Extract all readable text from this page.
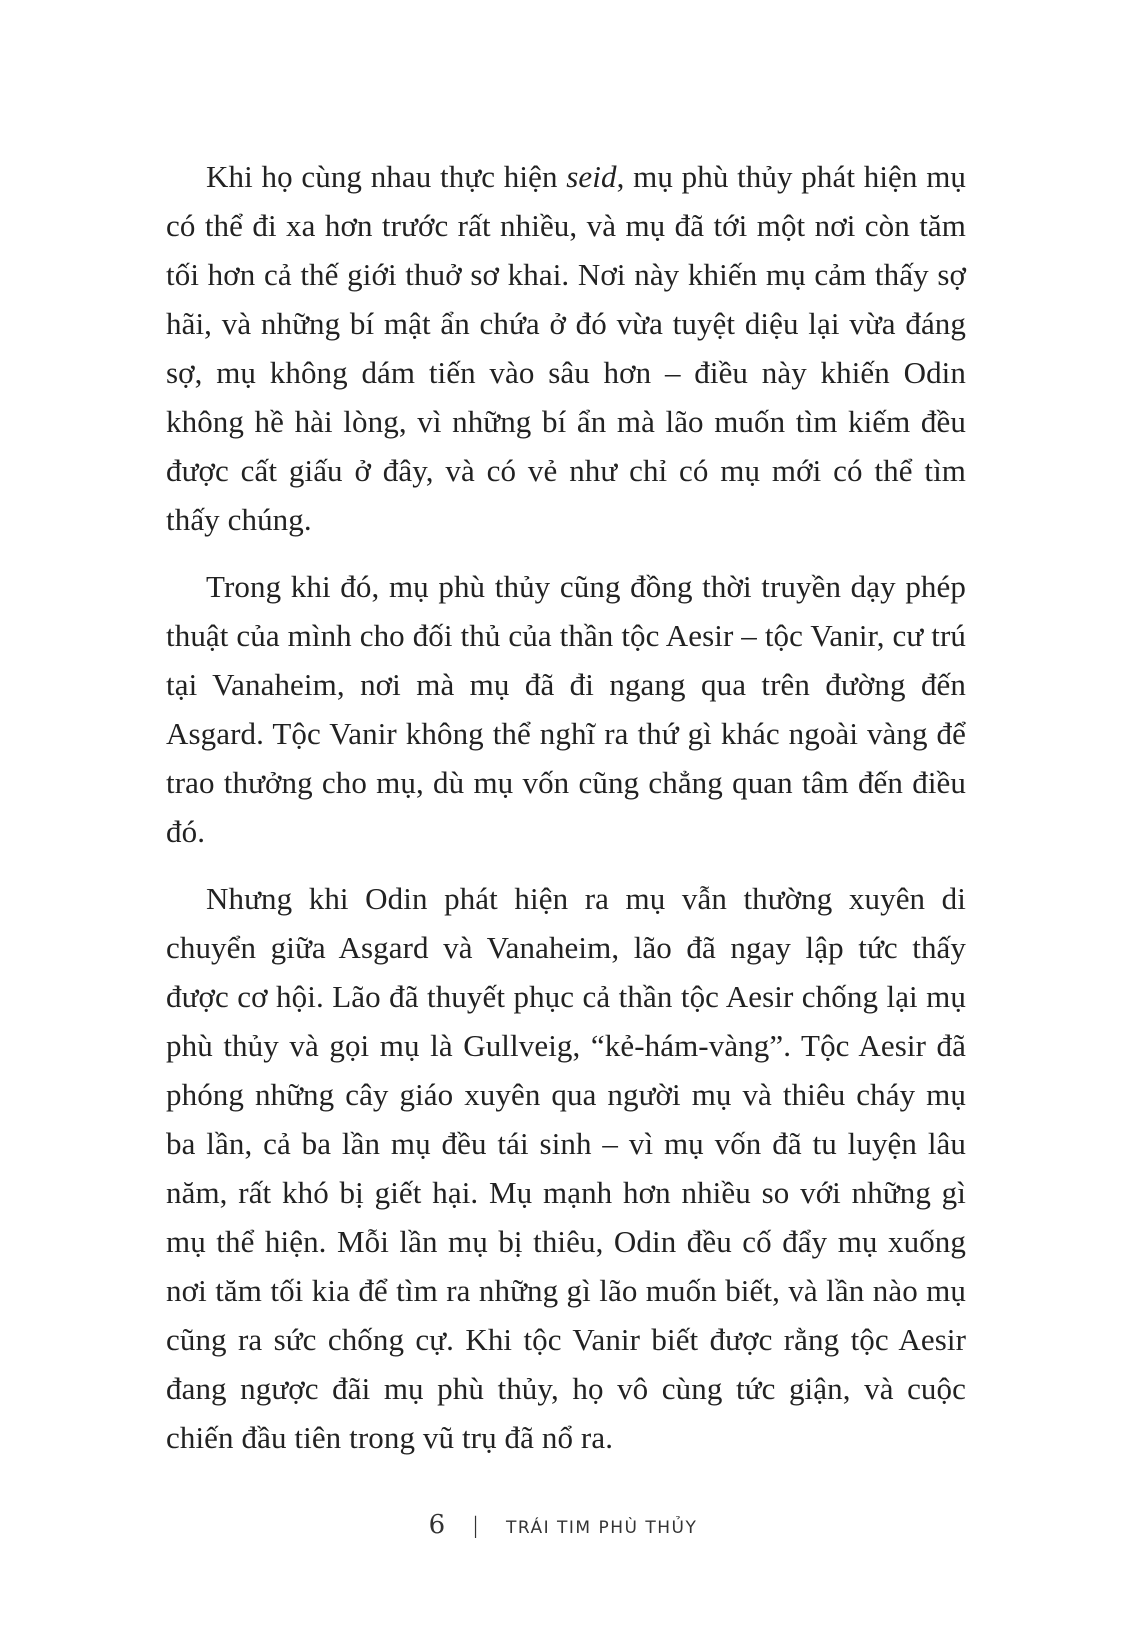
Khi họ cùng nhau thực hiện seid, mụ phù thủy phát hiện mụ có thể đi xa hơn trước rất nhiều, và mụ đã tới một nơi còn tăm tối hơn cả thế giới thuở sơ khai. Nơi này khiến mụ cảm thấy sợ hãi, và những bí mật ẩn chứa ở đó vừa tuyệt diệu lại vừa đáng sợ, mụ không dám tiến vào sâu hơn – điều này khiến Odin không hề hài lòng, vì những bí ẩn mà lão muốn tìm kiếm đều được cất giấu ở đây, và có vẻ như chỉ có mụ mới có thể tìm thấy chúng.

Trong khi đó, mụ phù thủy cũng đồng thời truyền dạy phép thuật của mình cho đối thủ của thần tộc Aesir – tộc Vanir, cư trú tại Vanaheim, nơi mà mụ đã đi ngang qua trên đường đến Asgard. Tộc Vanir không thể nghĩ ra thứ gì khác ngoài vàng để trao thưởng cho mụ, dù mụ vốn cũng chẳng quan tâm đến điều đó.

Nhưng khi Odin phát hiện ra mụ vẫn thường xuyên di chuyển giữa Asgard và Vanaheim, lão đã ngay lập tức thấy được cơ hội. Lão đã thuyết phục cả thần tộc Aesir chống lại mụ phù thủy và gọi mụ là Gullveig, “kẻ-hám-vàng”. Tộc Aesir đã phóng những cây giáo xuyên qua người mụ và thiêu cháy mụ ba lần, cả ba lần mụ đều tái sinh – vì mụ vốn đã tu luyện lâu năm, rất khó bị giết hại. Mụ mạnh hơn nhiều so với những gì mụ thể hiện. Mỗi lần mụ bị thiêu, Odin đều cố đẩy mụ xuống nơi tăm tối kia để tìm ra những gì lão muốn biết, và lần nào mụ cũng ra sức chống cự. Khi tộc Vanir biết được rằng tộc Aesir đang ngược đãi mụ phù thủy, họ vô cùng tức giận, và cuộc chiến đầu tiên trong vũ trụ đã nổ ra.

6 | TRÁI TIM PHÙ THỦY
